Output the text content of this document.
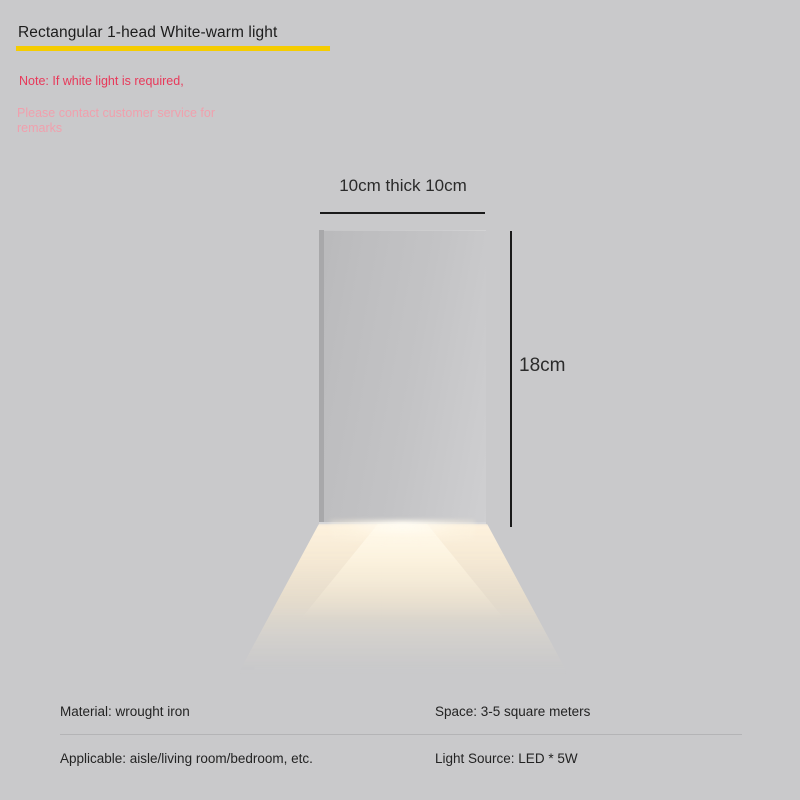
Rectangular 1-head White-warm light
Note: If white light is required,
Please contact customer service for remarks
10cm thick 10cm
18cm
Material: wrought iron	Space: 3-5 square meters
Applicable: aisle/living room/bedroom, etc.	Light Source: LED * 5W
